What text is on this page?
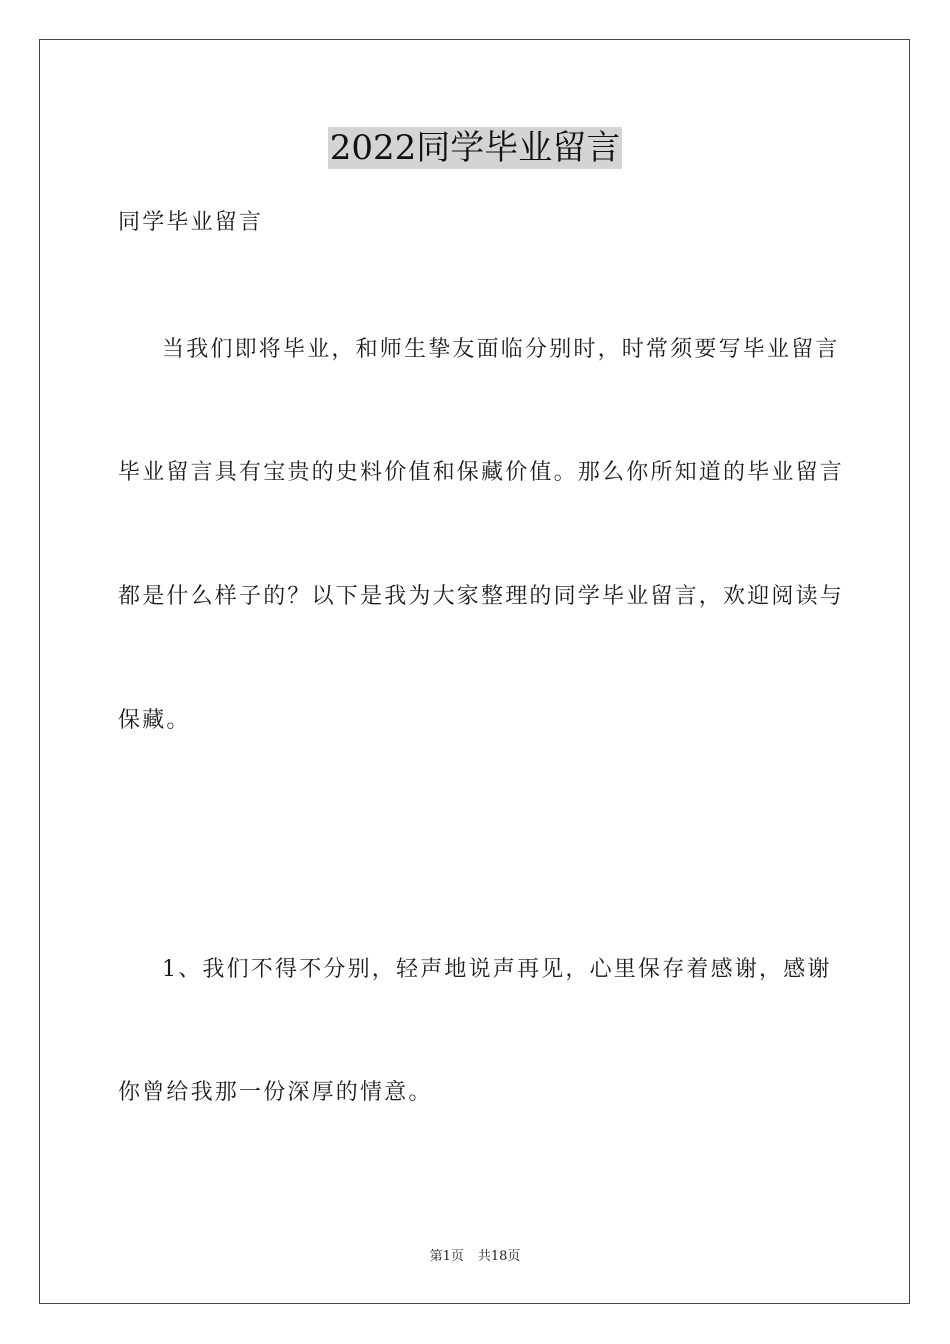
2022同学毕业留言
同学毕业留言
当我们即将毕业，和师生挚友面临分别时，时常须要写毕业留言
毕业留言具有宝贵的史料价值和保藏价值。那么你所知道的毕业留言
都是什么样子的？以下是我为大家整理的同学毕业留言，欢迎阅读与
保藏。
1、我们不得不分别，轻声地说声再见，心里保存着感谢，感谢
你曾给我那一份深厚的情意。
第1页 共18页
